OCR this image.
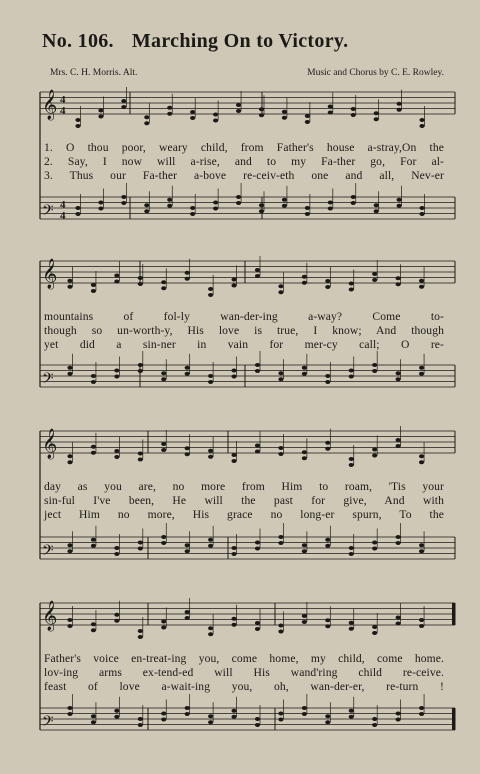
No. 106. Marching On to Victory.
Mrs. C. H. Morris. Alt.	Music and Chorus by C. E. Rowley.
𝄞 4
4
𝄢 4
4
𝄞
𝄢
𝄞
𝄢
𝄞
𝄢
1. O thou poor, weary child, from Father's house a-stray,On the
2. Say, I now will a-rise, and to my Fa-ther go, For al-
3. Thus our Fa-ther a-bove re-ceiv-eth one and all, Nev-er
mountains of fol-ly wan-der-ing a-way? Come to-
though so un-worth-y, His love is true, I know; And though
yet did a sin-ner in vain for mer-cy call; O re-
day as you are, no more from Him to roam, 'Tis your
sin-ful I've been, He will the past for give, And with
ject Him no more, His grace no long-er spurn, To the
Father's voice en-treat-ing you, come home, my child, come home.
lov-ing arms ex-tend-ed will His wand'ring child re-ceive.
feast of love a-wait-ing you, oh, wan-der-er, re-turn !
